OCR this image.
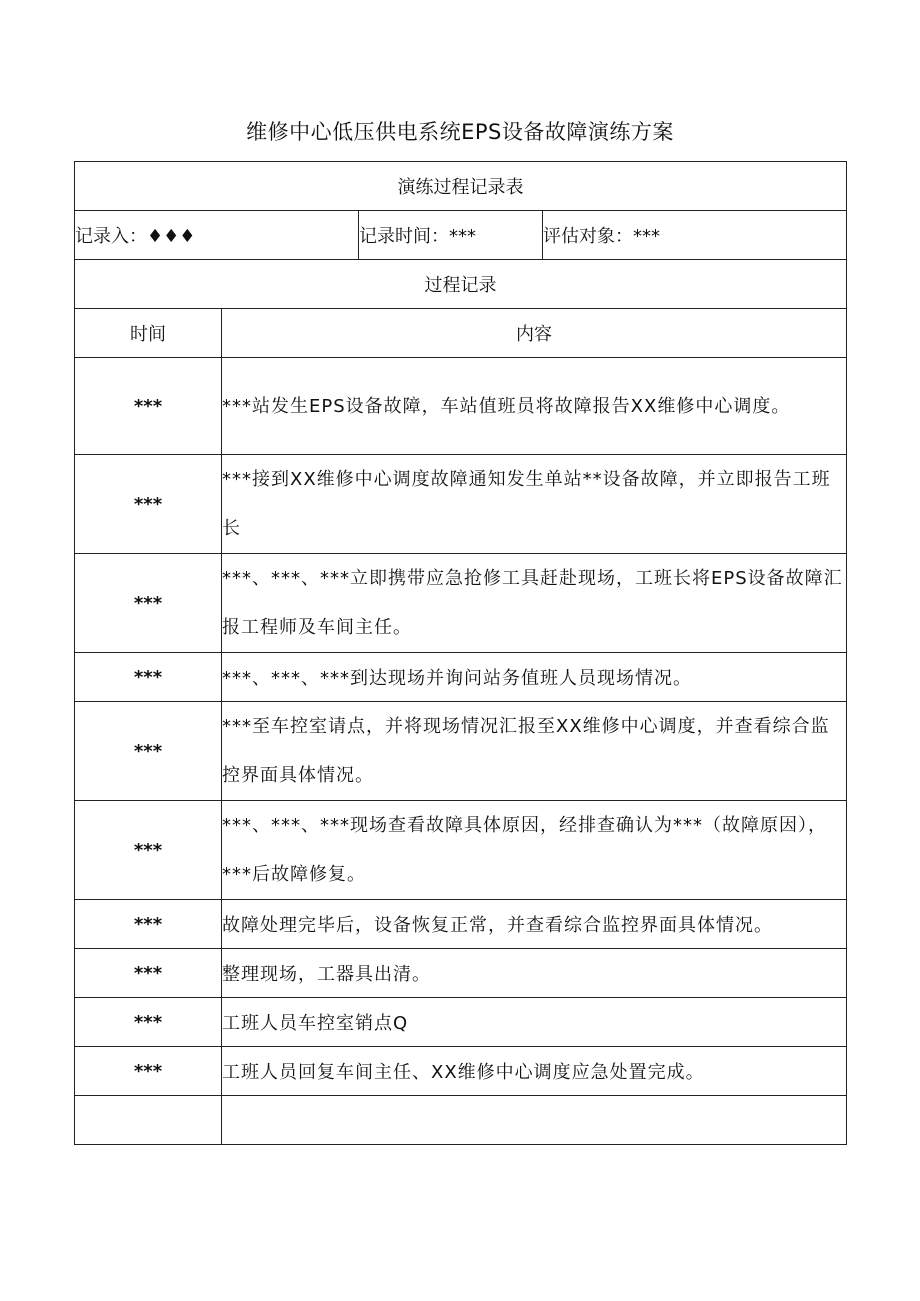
维修中心低压供电系统EPS设备故障演练方案
演练过程记录表			
记录入：♦♦♦		记录时间：***	评估对象：***
过程记录			
时间	内容		
***	***站发生EPS设备故障，车站值班员将故障报告XX维修中心调度。		
***	***接到XX维修中心调度故障通知发生单站**设备故障，并立即报告工班长		
***	***、***、***立即携带应急抢修工具赶赴现场，工班长将EPS设备故障汇报工程师及车间主任。		
***	***、***、***到达现场并询问站务值班人员现场情况。		
***	***至车控室请点，并将现场情况汇报至XX维修中心调度，并查看综合监控界面具体情况。		
***	***、***、***现场查看故障具体原因，经排查确认为***（故障原因），***后故障修复。		
***	故障处理完毕后，设备恢复正常，并查看综合监控界面具体情况。		
***	整理现场，工器具出清。		
***	工班人员车控室销点Q		
***	工班人员回复车间主任、XX维修中心调度应急处置完成。		
